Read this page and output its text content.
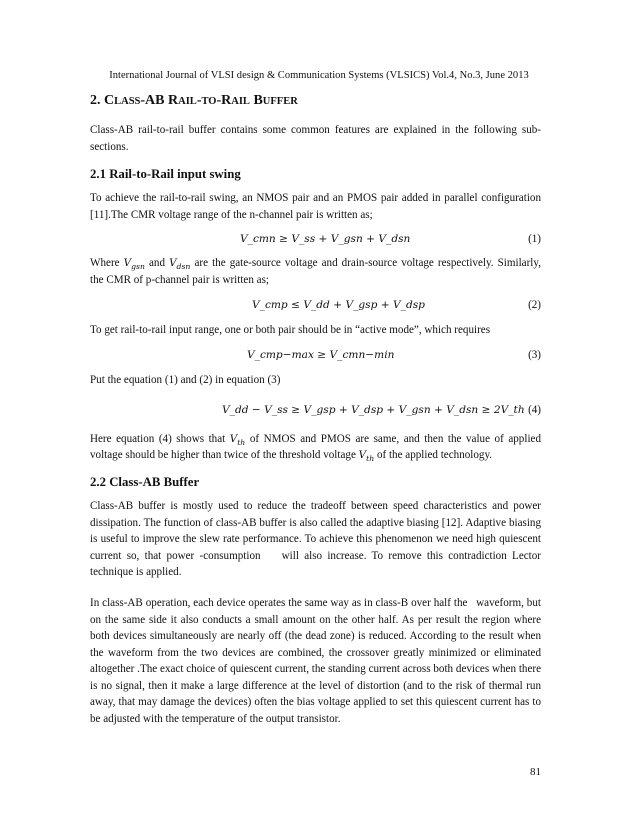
International Journal of VLSI design & Communication Systems (VLSICS) Vol.4, No.3, June 2013
2. CLASS-AB RAIL-TO-RAIL BUFFER

Class-AB rail-to-rail buffer contains some common features are explained in the following sub-sections.

2.1 Rail-to-Rail input swing

To achieve the rail-to-rail swing, an NMOS pair and an PMOS pair added in parallel configuration [11].The CMR voltage range of the n-channel pair is written as;

V_cmn ≥ V_ss + V_gsn + V_dsn	(1)

Where $V_{gsn}$ and $V_{dsn}$ are the gate-source voltage and drain-source voltage respectively. Similarly, the CMR of p-channel pair is written as;

V_cmp ≤ V_dd + V_gsp + V_dsp	(2)

To get rail-to-rail input range, one or both pair should be in “active mode”, which requires

V_cmp−max ≥ V_cmn−min	(3)

Put the equation (1) and (2) in equation (3)

V_dd − V_ss ≥ V_gsp + V_dsp + V_gsn + V_dsn ≥ 2V_th (4)

Here equation (4) shows that $V_{th}$ of NMOS and PMOS are same, and then the value of applied voltage should be higher than twice of the threshold voltage $V_{th}$ of the applied technology.

2.2 Class-AB Buffer

Class-AB buffer is mostly used to reduce the tradeoff between speed characteristics and power dissipation. The function of class-AB buffer is also called the adaptive biasing [12]. Adaptive biasing is useful to improve the slew rate performance. To achieve this phenomenon we need high quiescent current so, that power -consumption    will also increase. To remove this contradiction Lector technique is applied.

In class-AB operation, each device operates the same way as in class-B over half the   waveform, but on the same side it also conducts a small amount on the other half. As per result the region where both devices simultaneously are nearly off (the dead zone) is reduced. According to the result when the waveform from the two devices are combined, the crossover greatly minimized or eliminated altogether .The exact choice of quiescent current, the standing current across both devices when there is no signal, then it make a large difference at the level of distortion (and to the risk of thermal run away, that may damage the devices) often the bias voltage applied to set this quiescent current has to be adjusted with the temperature of the output transistor.

81
